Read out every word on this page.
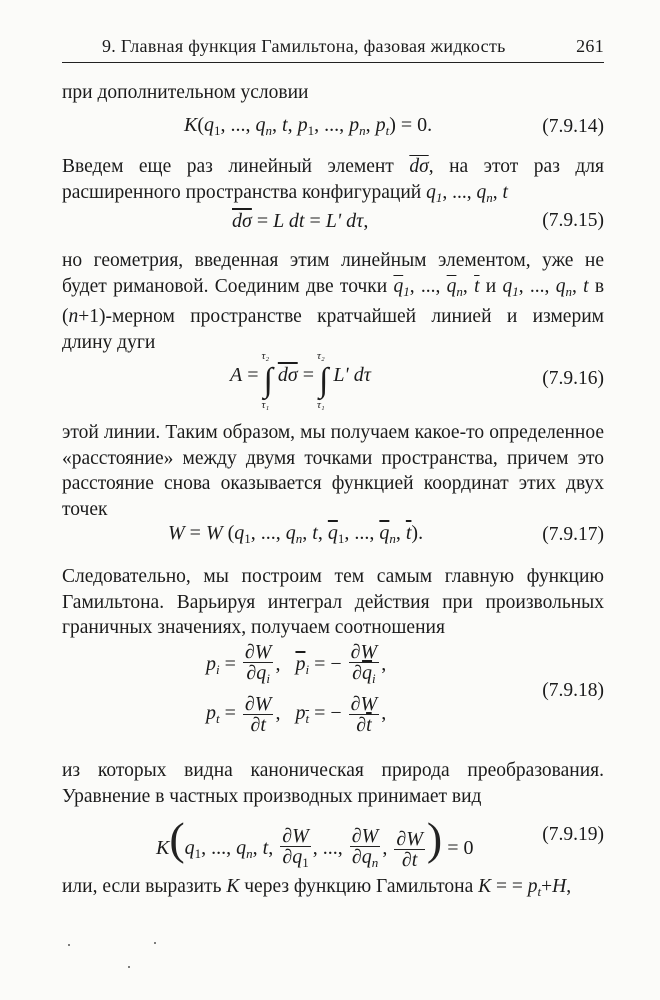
9. Главная функция Гамильтона, фазовая жидкость	261
при дополнительном условии
$K(q_1$, ..., $q_n$, t, $p_1$, ..., $p_n$, $p_t) = 0$.	(7.9.14)
Введем еще раз линейный элемент $\overline{d\sigma}$, на этот раз для расширенного пространства конфигураций $q_1$, ..., $q_n$, t
$\overline{d\sigma} = L$ dt = Lʹ dτ,	(7.9.15)
но геометрия, введенная этим линейным элементом, уже не будет римановой. Соединим две точки $\overline{q}_1$, ..., $\overline{q}_n$, $\overline{t}$ и $q_1$, ..., $q_n$, t в (n+1)-мерном пространстве кратчайшей линией и измерим длину дуги
A = ∫
τ₂
τ₁
$\overline{d\sigma}$ = ∫
τ₂
τ₁
Lʹ dτ	(7.9.16)
этой линии. Таким образом, мы получаем какое-то определенное «расстояние» между двумя точками пространства, причем это расстояние снова оказывается функцией координат этих двух точек
W = W ($q_1$, ..., $q_n$, t, $\overline{q}_1$, ..., $\overline{q}_n$, $\overline{t}$).	(7.9.17)
Следовательно, мы построим тем самым главную функцию Гамильтона. Варьируя интеграл действия при произвольных граничных значениях, получаем соотношения
$p_i = \frac{\partial W}{\partial q_i}$ ,   $\overline{p}_i$ = − $\frac{\partial W}{\partial\overline{q}_i}$ ,
$p_t = \frac{\partial W}{\partial t}$ ,   $p_{\overline{t}}$ = − $\frac{\partial W}{\partial\overline{t}}$ ,
(7.9.18)
из которых видна каноническая природа преобразования. Уравнение в частных производных принимает вид
$K(q_1$, ..., $q_n$, t, $\frac{\partial W}{\partial q_1}$ , ..., $\frac{\partial W}{\partial q_n}$ , $\frac{\partial W}{\partial t}$ ) = 0
(7.9.19)
или, если выразить K через функцию Гамильтона K = = $p_t+H$,
